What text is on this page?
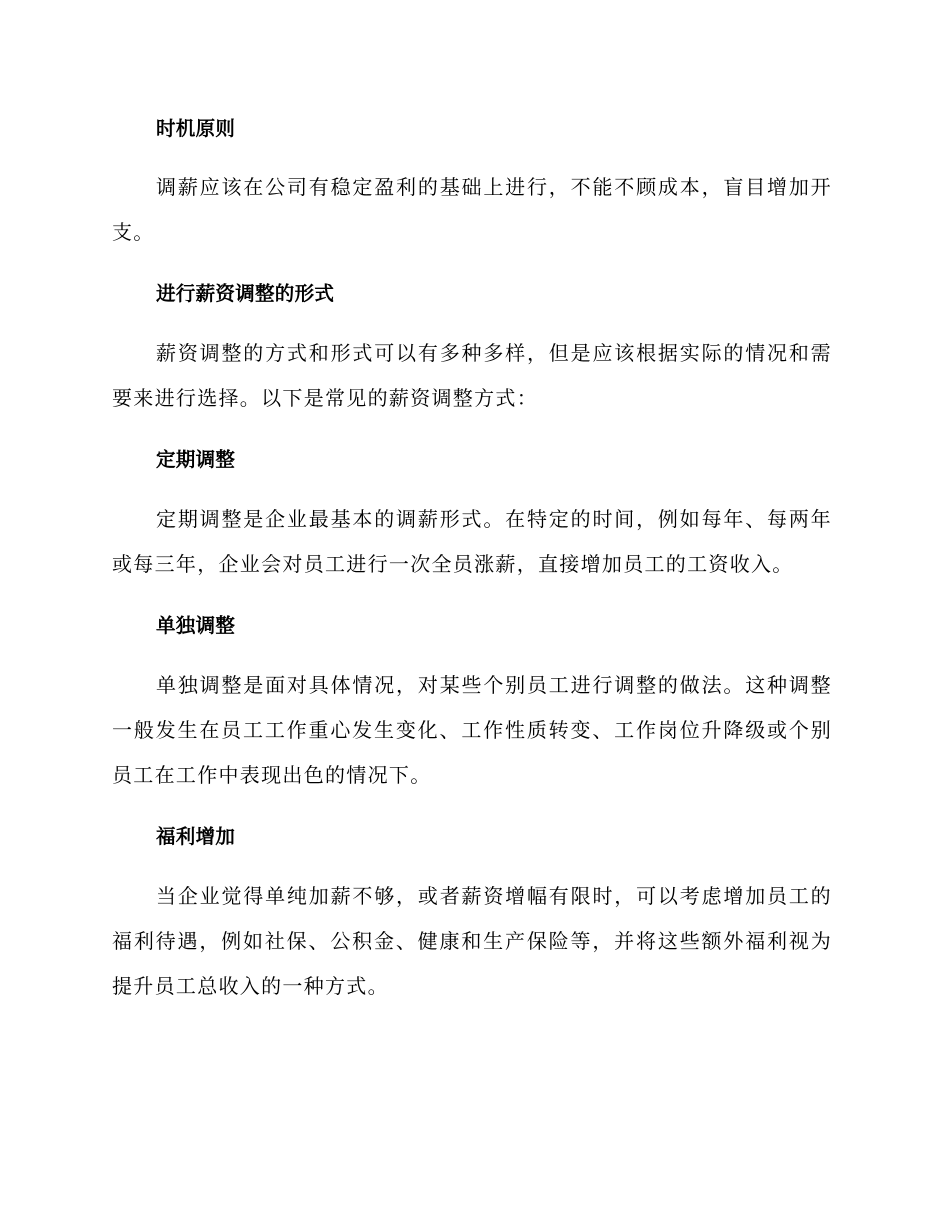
时机原则

调薪应该在公司有稳定盈利的基础上进行，不能不顾成本，盲目增加开支。

进行薪资调整的形式

薪资调整的方式和形式可以有多种多样，但是应该根据实际的情况和需要来进行选择。以下是常见的薪资调整方式：

定期调整

定期调整是企业最基本的调薪形式。在特定的时间，例如每年、每两年或每三年，企业会对员工进行一次全员涨薪，直接增加员工的工资收入。

单独调整

单独调整是面对具体情况，对某些个别员工进行调整的做法。这种调整一般发生在员工工作重心发生变化、工作性质转变、工作岗位升降级或个别员工在工作中表现出色的情况下。

福利增加

当企业觉得单纯加薪不够，或者薪资增幅有限时，可以考虑增加员工的福利待遇，例如社保、公积金、健康和生产保险等，并将这些额外福利视为提升员工总收入的一种方式。
